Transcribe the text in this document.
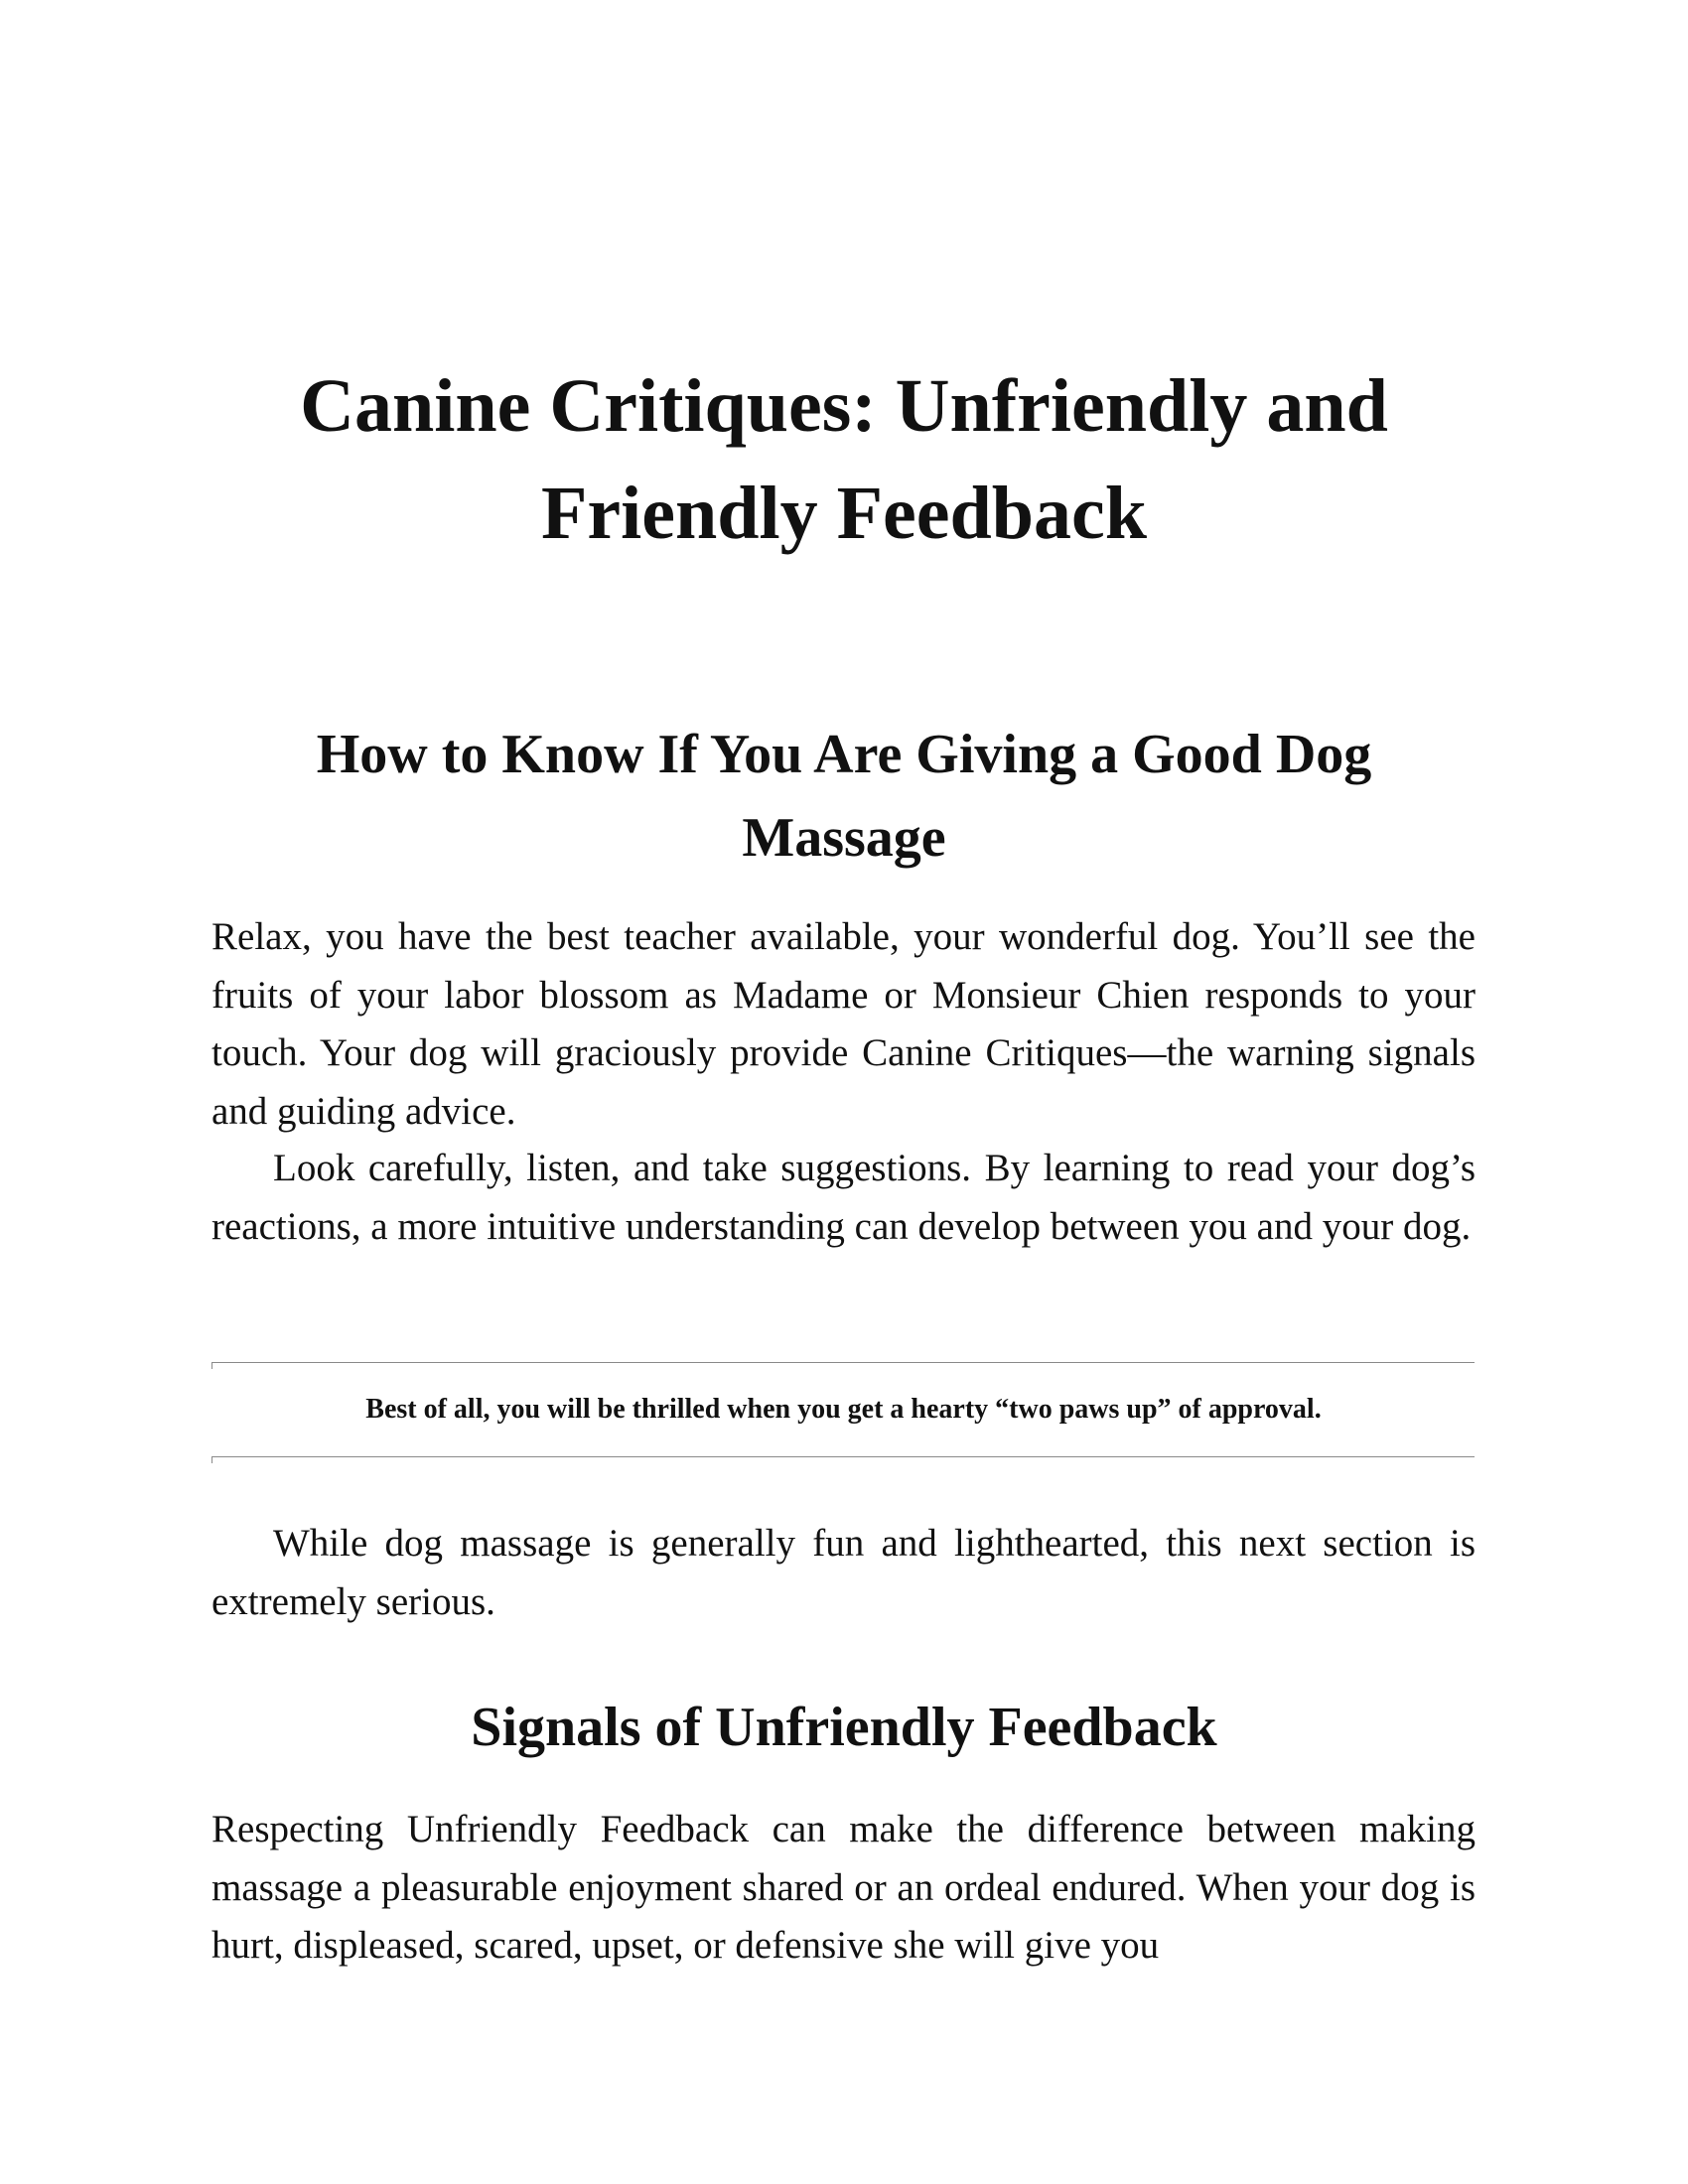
Canine Critiques: Unfriendly and
Friendly Feedback
How to Know If You Are Giving a Good Dog
Massage

Relax, you have the best teacher available, your wonderful dog. You’ll see the fruits of your labor blossom as Madame or Monsieur Chien responds to your touch. Your dog will graciously provide Canine Critiques—the warning signals and guiding advice.

Look carefully, listen, and take suggestions. By learning to read your dog’s reactions, a more intuitive understanding can develop between you and your dog.

Best of all, you will be thrilled when you get a hearty “two paws up” of approval.

While dog massage is generally fun and lighthearted, this next section is extremely serious.

Signals of Unfriendly Feedback

Respecting Unfriendly Feedback can make the difference between making massage a pleasurable enjoyment shared or an ordeal endured. When your dog is hurt, displeased, scared, upset, or defensive she will give you
